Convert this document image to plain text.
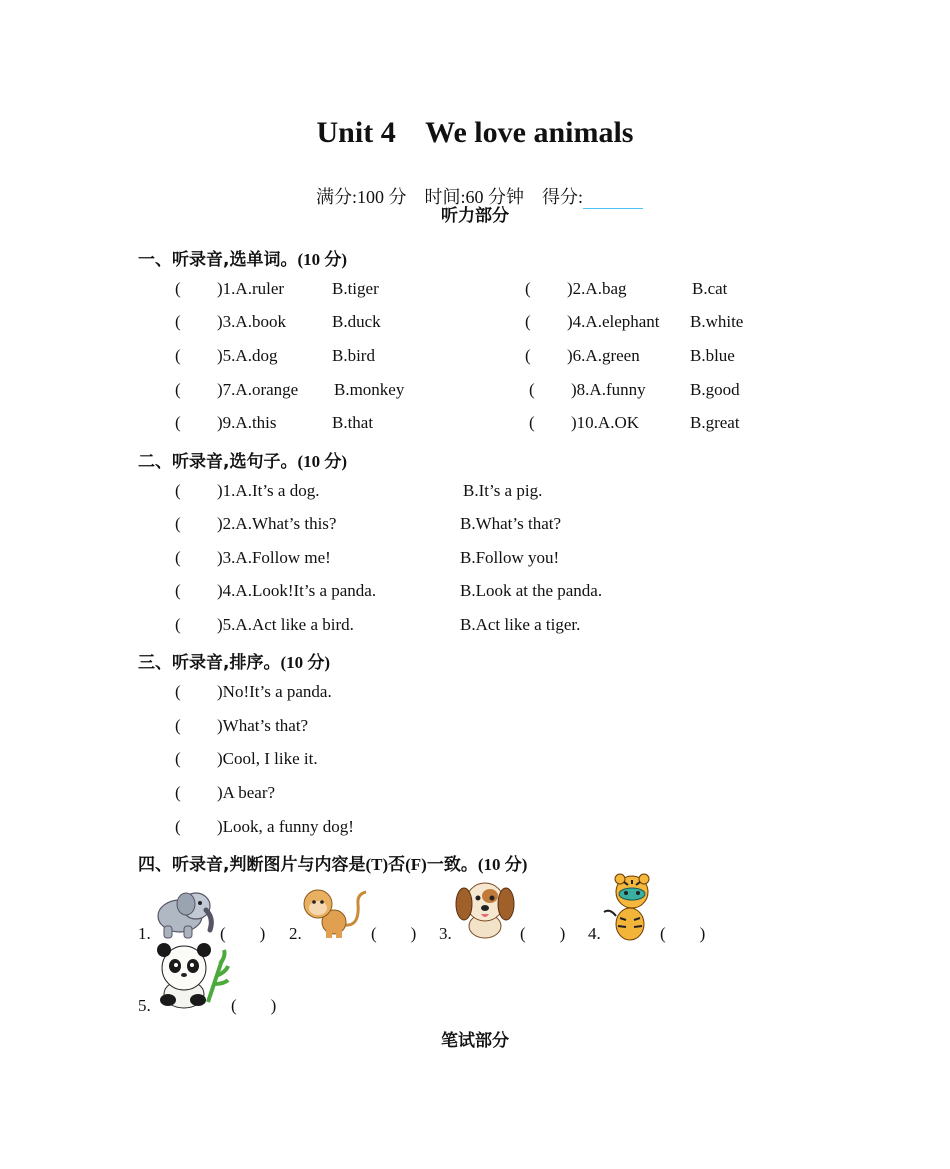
Unit 4    We love animals

满分:100 分 时间:60 分钟 得分:

听力部分
一、听录音,选单词。(10 分)
( )1.A.ruler	B.tiger	( )2.A.bag	B.cat
( )3.A.book	B.duck	( )4.A.elephant B.white
( )5.A.dog	B.bird	( )6.A.green	B.blue
( )7.A.orange B.monkey	( )8.A.funny	B.good
( )9.A.this	B.that	( )10.A.OK	B.great
二、听录音,选句子。(10 分)
( )1.A.It’s a dog.	B.It’s a pig.
( )2.A.What’s this?	B.What’s that?
( )3.A.Follow me!	B.Follow you!
( )4.A.Look!It’s a panda.	B.Look at the panda.
( )5.A.Act like a bird.	B.Act like a tiger.
三、听录音,排序。(10 分)
( )No!It’s a panda.
( )What’s that?
( )Cool, I like it.
( )A bear?
( )Look, a funny dog!
四、听录音,判断图片与内容是(T)否(F)一致。(10 分)
1.	(        ) 2.	(        ) 3.	(        ) 4.	(        )
5.	(        )
笔试部分
